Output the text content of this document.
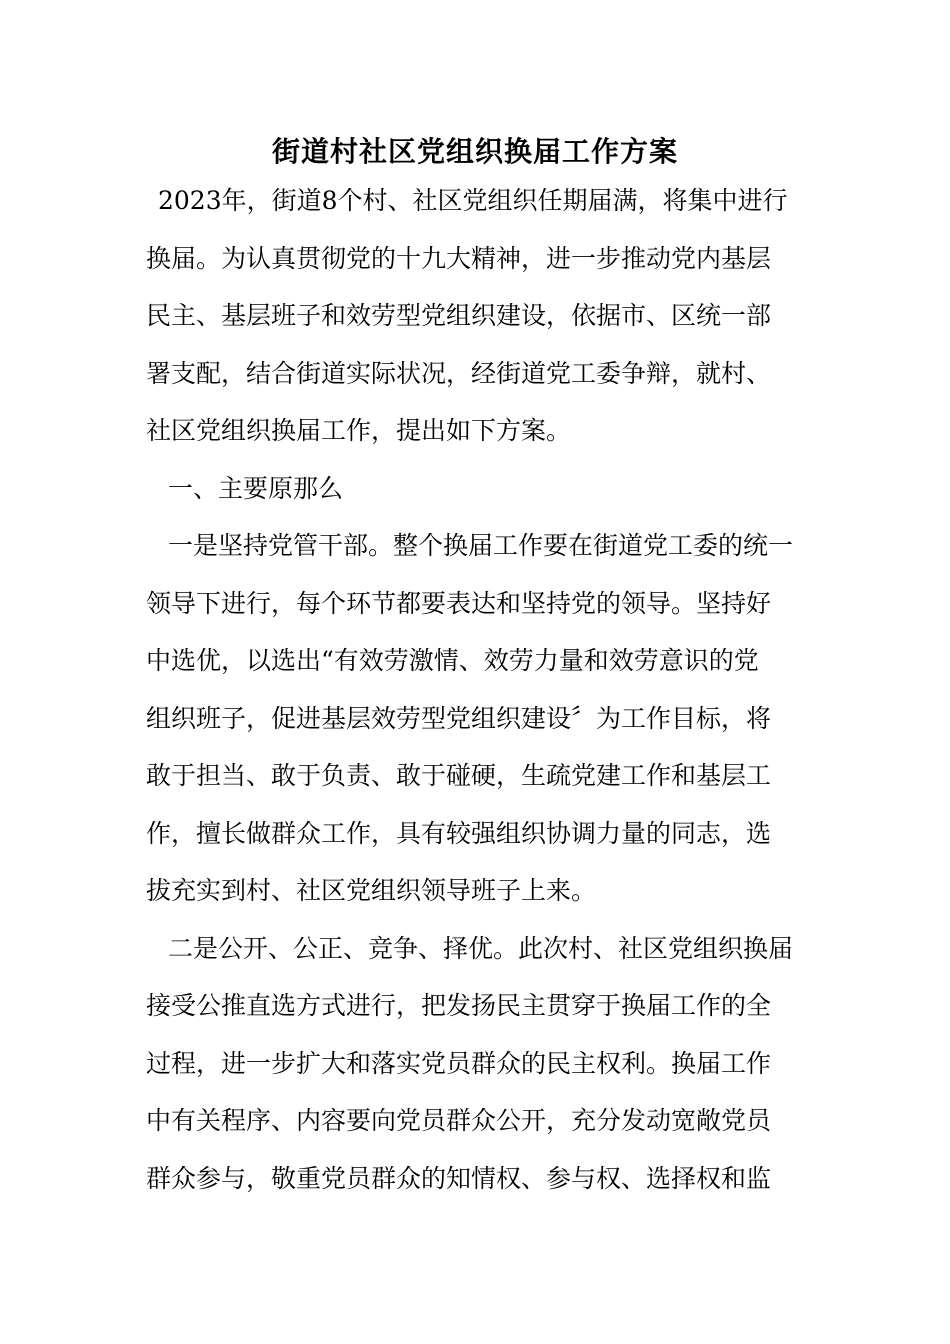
街道村社区党组织换届工作方案
2023年，街道8个村、社区党组织任期届满，将集中进行
换届。为认真贯彻党的十九大精神，进一步推动党内基层
民主、基层班子和效劳型党组织建设，依据市、区统一部
署支配，结合街道实际状况，经街道党工委争辩，就村、
社区党组织换届工作，提出如下方案。
一、主要原那么
一是坚持党管干部。整个换届工作要在街道党工委的统一
领导下进行，每个环节都要表达和坚持党的领导。坚持好
中选优，以选出“有效劳激情、效劳力量和效劳意识的党
组织班子，促进基层效劳型党组织建设〞为工作目标，将
敢于担当、敢于负责、敢于碰硬，生疏党建工作和基层工
作，擅长做群众工作，具有较强组织协调力量的同志，选
拔充实到村、社区党组织领导班子上来。
二是公开、公正、竞争、择优。此次村、社区党组织换届
接受公推直选方式进行，把发扬民主贯穿于换届工作的全
过程，进一步扩大和落实党员群众的民主权利。换届工作
中有关程序、内容要向党员群众公开，充分发动宽敞党员
群众参与，敬重党员群众的知情权、参与权、选择权和监
